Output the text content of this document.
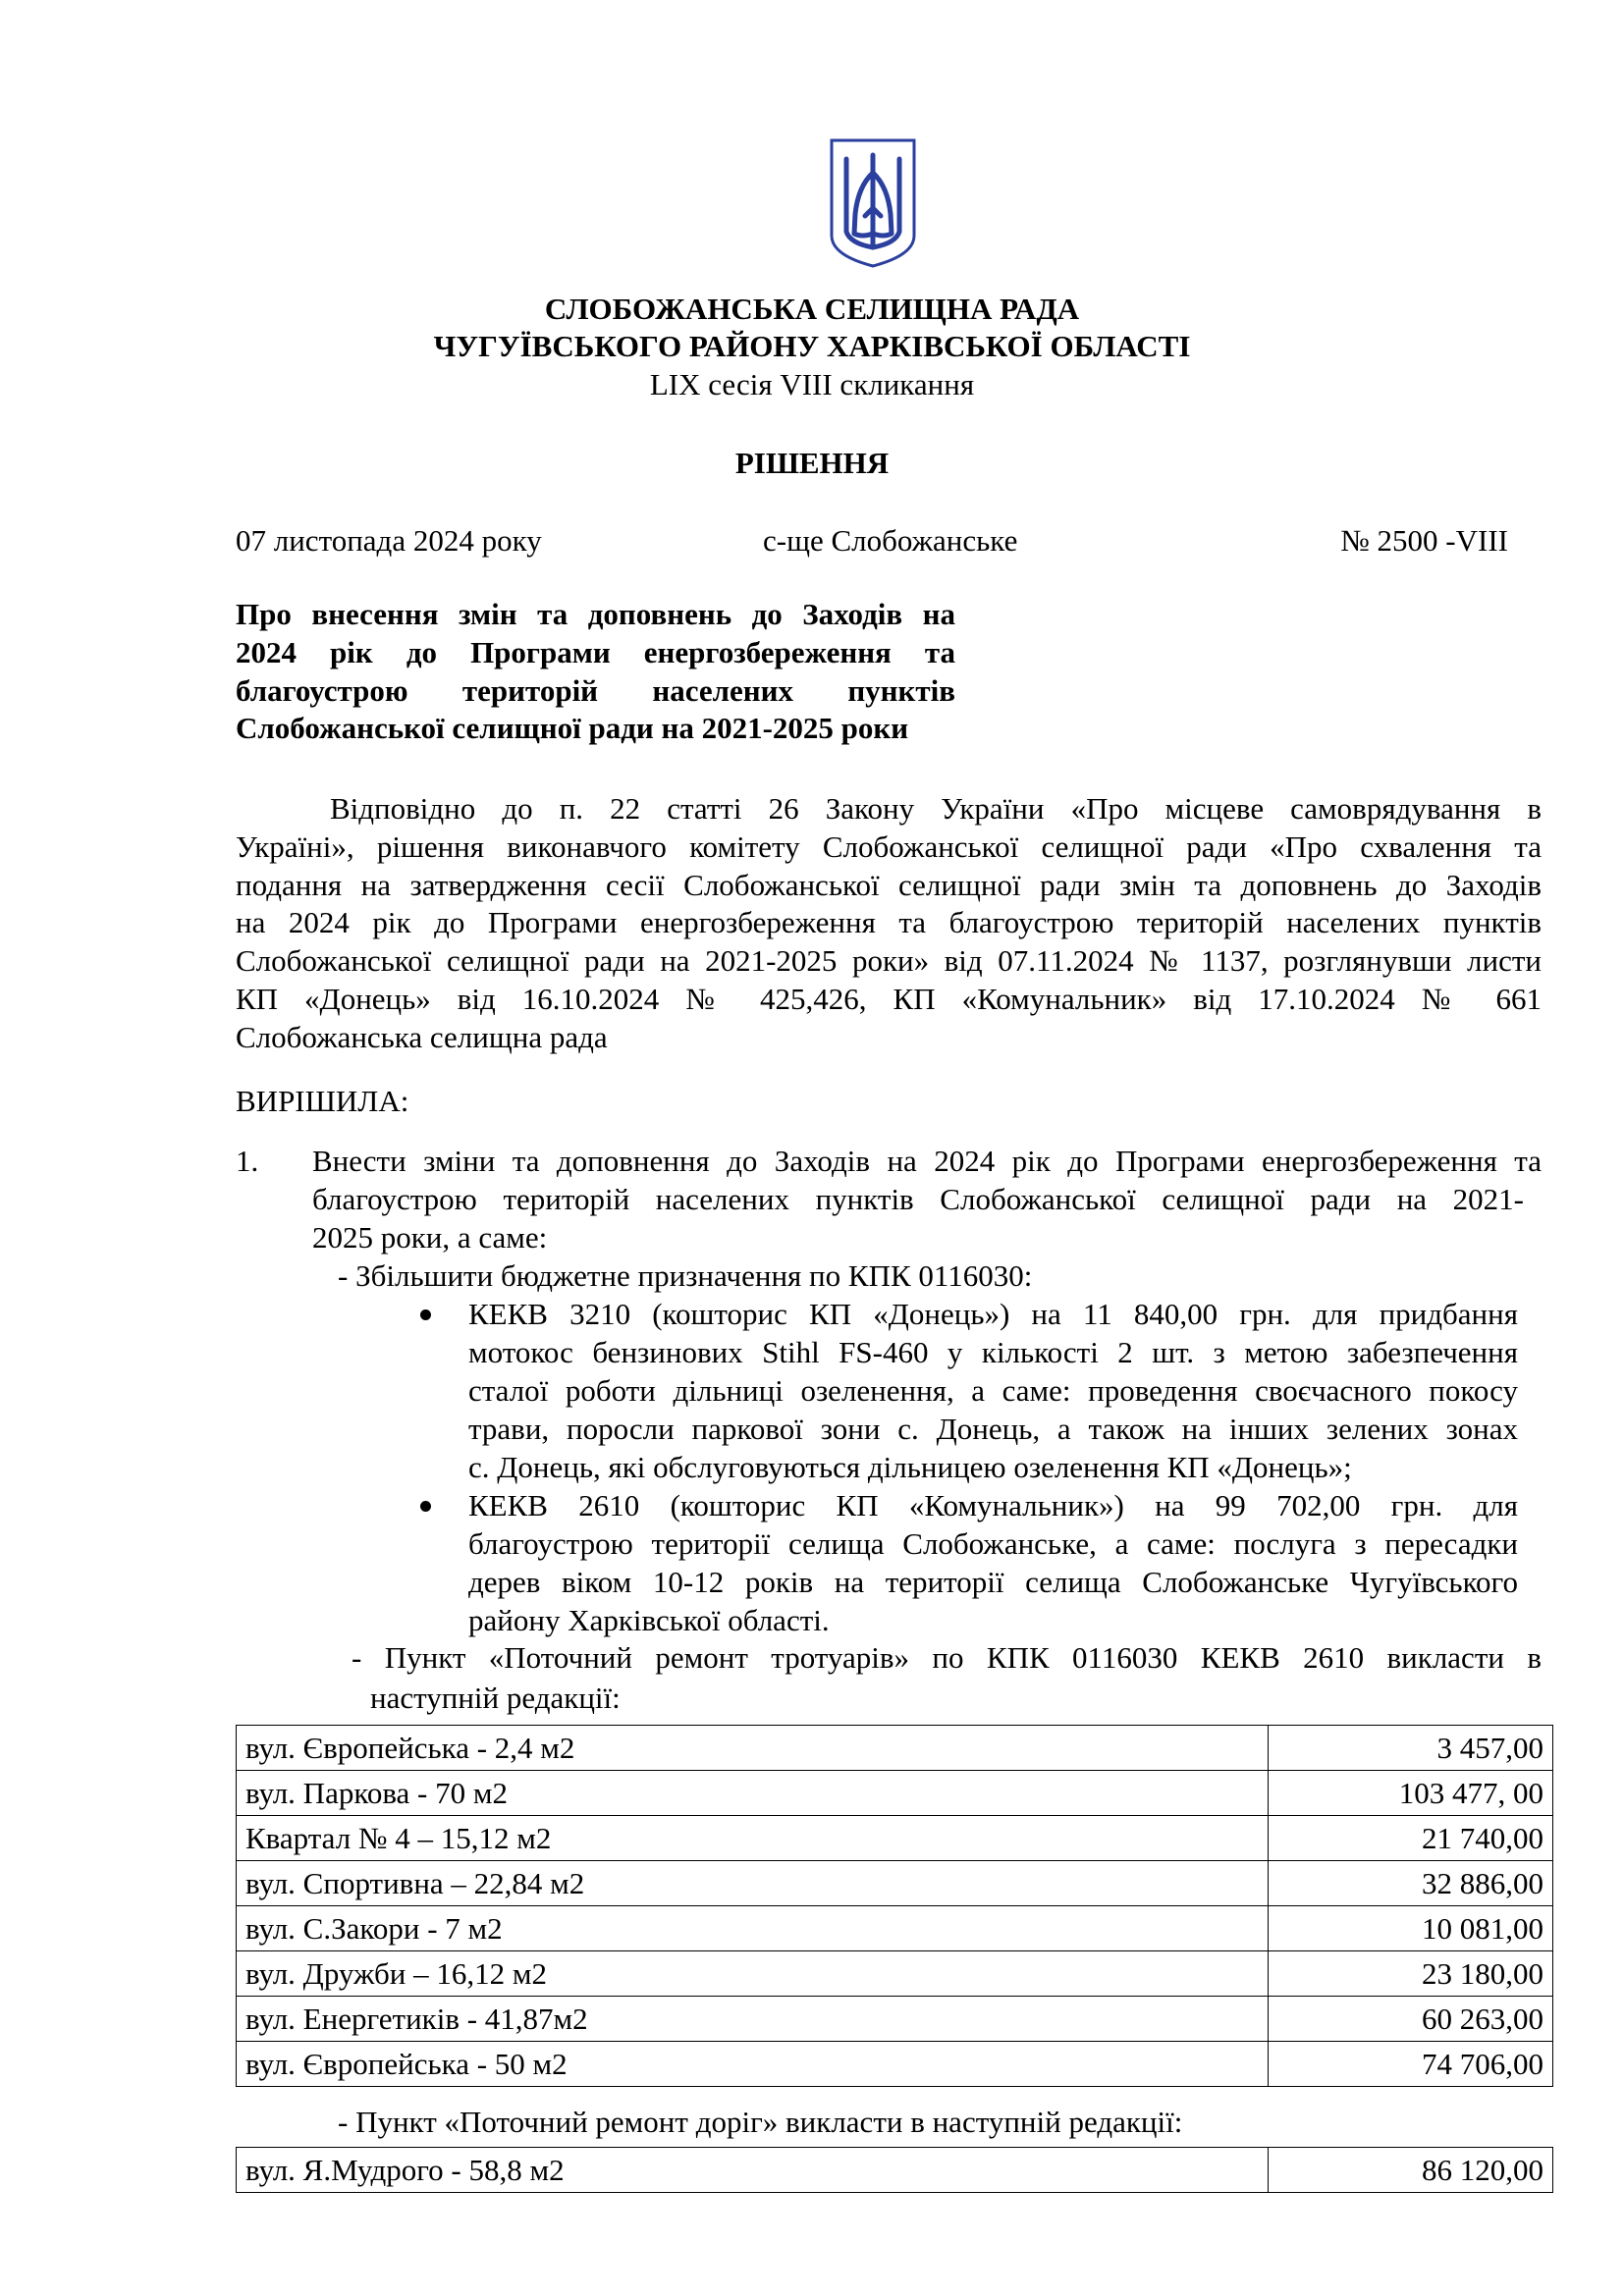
СЛОБОЖАНСЬКА СЕЛИЩНА РАДА
ЧУГУЇВСЬКОГО РАЙОНУ ХАРКІВСЬКОЇ ОБЛАСТІ
LIX сесія VIII скликання
РІШЕННЯ
07 листопада 2024 року	с-ще Слобожанське	№ 2500 -VIII
Про внесення змін та доповнень до Заходів на
2024 рік до Програми енергозбереження та
благоустрою територій населених пунктів
Слобожанської селищної ради на 2021-2025 роки
Відповідно до п. 22 статті 26 Закону України «Про місцеве самоврядування в
Україні», рішення виконавчого комітету Слобожанської селищної ради «Про схвалення та
подання на затвердження сесії Слобожанської селищної ради змін та доповнень до Заходів
на 2024 рік до Програми енергозбереження та благоустрою територій населених пунктів
Слобожанської селищної ради на 2021-2025 роки» від 07.11.2024 № 1137, розглянувши листи
КП «Донець» від 16.10.2024 № 425,426, КП «Комунальник» від 17.10.2024 № 661
Слобожанська селищна рада
ВИРІШИЛА:
1. Внести зміни та доповнення до Заходів на 2024 рік до Програми енергозбереження та
благоустрою територій населених пунктів Слобожанської селищної ради на 2021-
2025 роки, а саме:
- Збільшити бюджетне призначення по КПК 0116030:
КЕКВ 3210 (кошторис КП «Донець») на 11 840,00 грн. для придбання
мотокос бензинових Stihl FS-460 у кількості 2 шт. з метою забезпечення
сталої роботи дільниці озеленення, а саме: проведення своєчасного покосу
трави, поросли паркової зони с. Донець, а також на інших зелених зонах
с. Донець, які обслуговуються дільницею озеленення КП «Донець»;
КЕКВ 2610 (кошторис КП «Комунальник») на 99 702,00 грн. для
благоустрою території селища Слобожанське, а саме: послуга з пересадки
дерев віком 10-12 років на території селища Слобожанське Чугуївського
району Харківської області.
- Пункт «Поточний ремонт тротуарів» по КПК 0116030 КЕКВ 2610 викласти в
наступній редакції:
вул. Європейська - 2,4 м2	3 457,00
вул. Паркова - 70 м2	103 477, 00
Квартал № 4 – 15,12 м2	21 740,00
вул. Спортивна – 22,84 м2	32 886,00
вул. С.Закори - 7 м2	10 081,00
вул. Дружби – 16,12 м2	23 180,00
вул. Енергетиків - 41,87м2	60 263,00
вул. Європейська - 50 м2	74 706,00
- Пункт «Поточний ремонт доріг» викласти в наступній редакції:
вул. Я.Мудрого - 58,8 м2	86 120,00
